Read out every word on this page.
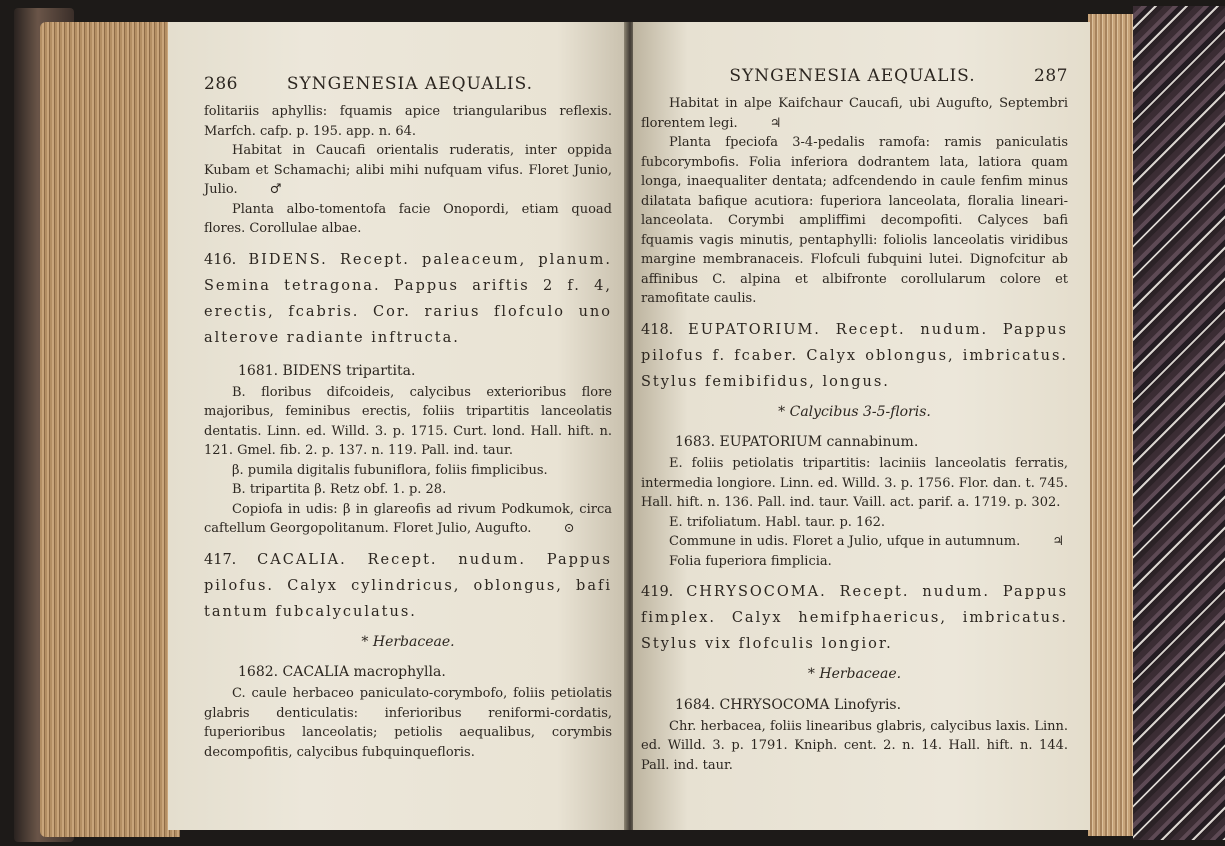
286	SYNGENESIA AEQUALIS.

folitariis aphyllis: fquamis apice triangularibus reflexis. Marfch. cafp. p. 195. app. n. 64.

Habitat in Caucafi orientalis ruderatis, inter oppida Kubam et Schamachi; alibi mihi nufquam vifus. Floret Junio, Julio. ♂

Planta albo-tomentofa facie Onopordi, etiam quoad flores. Corollulae albae.

416. BIDENS. Recept. paleaceum, planum. Semina tetragona. Pappus ariftis 2 f. 4, erectis, fcabris. Cor. rarius flofculo uno alterove radiante inftructa.

1681. BIDENS tripartita.

B. floribus difcoideis, calycibus exterioribus flore majoribus, feminibus erectis, foliis tripartitis lanceolatis dentatis. Linn. ed. Willd. 3. p. 1715. Curt. lond. Hall. hift. n. 121. Gmel. fib. 2. p. 137. n. 119. Pall. ind. taur.

β. pumila digitalis fubuniflora, foliis fimplicibus.

B. tripartita β. Retz obf. 1. p. 28.

Copiofa in udis: β in glareofis ad rivum Podkumok, circa caftellum Georgopolitanum. Floret Julio, Augufto. ⊙

417. CACALIA. Recept. nudum. Pappus pilofus. Calyx cylindricus, oblongus, bafi tantum fubcalyculatus.

* Herbaceae.

1682. CACALIA macrophylla.

C. caule herbaceo paniculato-corymbofo, foliis petiolatis glabris denticulatis: inferioribus reniformi-cordatis, fuperioribus lanceolatis; petiolis aequalibus, corymbis decompofitis, calycibus fubquinquefloris.

SYNGENESIA AEQUALIS.	287

Habitat in alpe Kaifchaur Caucafi, ubi Augufto, Septembri florentem legi. ♃

Planta fpeciofa 3-4-pedalis ramofa: ramis paniculatis fubcorymbofis. Folia inferiora dodrantem lata, latiora quam longa, inaequaliter dentata; adfcendendo in caule fenfim minus dilatata bafique acutiora: fuperiora lanceolata, floralia lineari-lanceolata. Corymbi ampliffimi decompofiti. Calyces bafi fquamis vagis minutis, pentaphylli: foliolis lanceolatis viridibus margine membranaceis. Flofculi fubquini lutei. Dignofcitur ab affinibus C. alpina et albifronte corollularum colore et ramofitate caulis.

418. EUPATORIUM. Recept. nudum. Pappus pilofus f. fcaber. Calyx oblongus, imbricatus. Stylus femibifidus, longus.

* Calycibus 3-5-floris.

1683. EUPATORIUM cannabinum.

E. foliis petiolatis tripartitis: laciniis lanceolatis ferratis, intermedia longiore. Linn. ed. Willd. 3. p. 1756. Flor. dan. t. 745. Hall. hift. n. 136. Pall. ind. taur. Vaill. act. parif. a. 1719. p. 302.

E. trifoliatum. Habl. taur. p. 162.

Commune in udis. Floret a Julio, ufque in autumnum. ♃

Folia fuperiora fimplicia.

419. CHRYSOCOMA. Recept. nudum. Pappus fimplex. Calyx hemifphaericus, imbricatus. Stylus vix flofculis longior.

* Herbaceae.

1684. CHRYSOCOMA Linofyris.

Chr. herbacea, foliis linearibus glabris, calycibus laxis. Linn. ed. Willd. 3. p. 1791. Kniph. cent. 2. n. 14. Hall. hift. n. 144. Pall. ind. taur.
